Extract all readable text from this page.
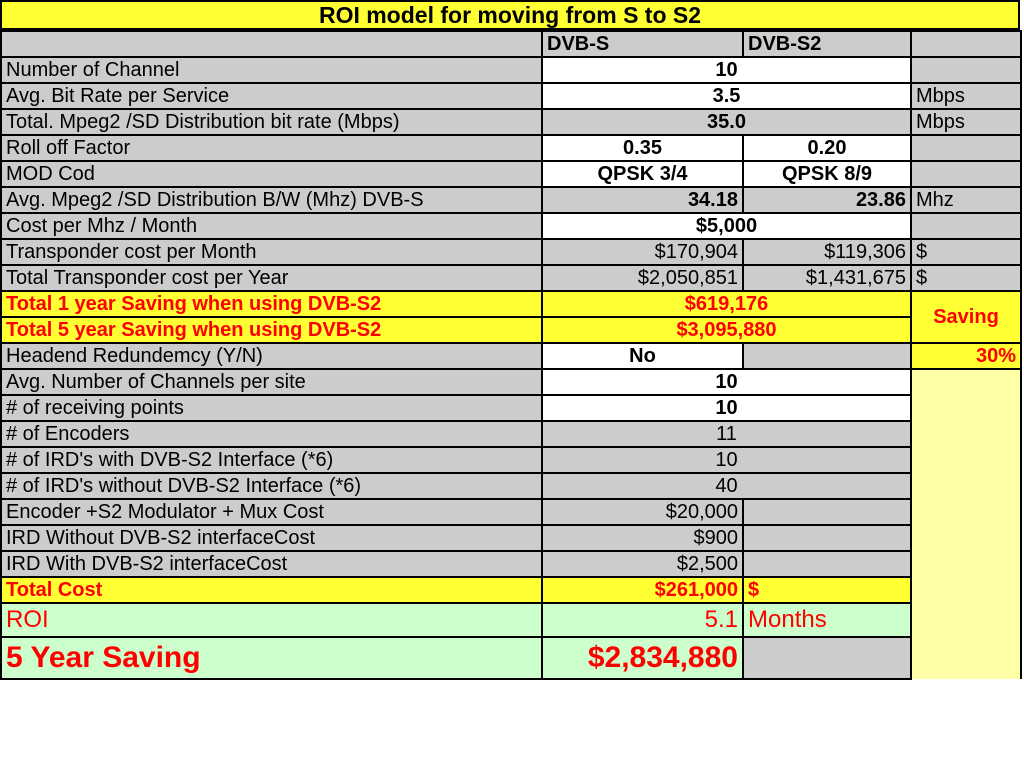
ROI model for moving from S to S2
	DVB-S	DVB-S2	
Number of Channel	10		
Avg. Bit Rate per Service	3.5		Mbps
Total. Mpeg2 /SD Distribution bit rate (Mbps)	35.0		Mbps
Roll off Factor	0.35	0.20	
MOD Cod	QPSK 3/4	QPSK 8/9	
Avg. Mpeg2 /SD Distribution B/W (Mhz) DVB-S	34.18	23.86	Mhz
Cost per Mhz / Month	$5,000		
Transponder cost per Month	$170,904	$119,306	$
Total Transponder cost per Year	$2,050,851	$1,431,675	$
Total 1 year Saving when using DVB-S2	$619,176		Saving
Total 5 year Saving when using DVB-S2	$3,095,880		
Headend Redundemcy (Y/N)	No		30%
Avg. Number of Channels per site	10		
# of receiving points	10		
# of Encoders	11		
# of IRD's with DVB-S2 Interface (*6)	10		
# of IRD's without DVB-S2 Interface (*6)	40		
Encoder +S2 Modulator + Mux Cost	$20,000		
IRD Without DVB-S2 interfaceCost	$900		
IRD With DVB-S2 interfaceCost	$2,500		
Total Cost	$261,000	$	
ROI	5.1	Months	
5 Year Saving	$2,834,880		
